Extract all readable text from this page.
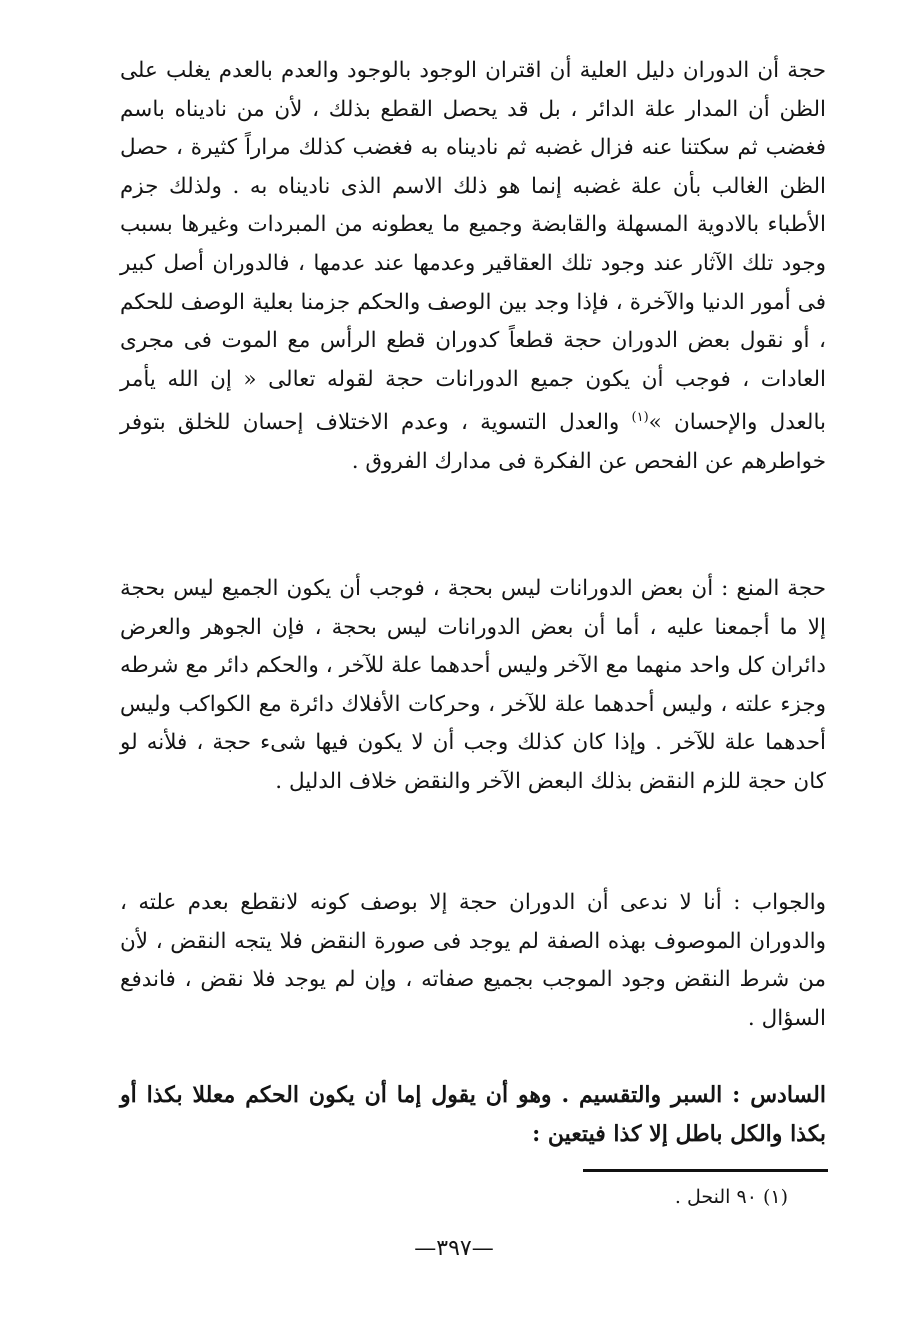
حجة أن الدوران دليل العلية أن اقتران الوجود بالوجود والعدم بالعدم يغلب على الظن أن المدار علة الدائر ، بل قد يحصل القطع بذلك ، لأن من ناديناه باسم فغضب ثم سكتنا عنه فزال غضبه ثم ناديناه به فغضب كذلك مراراً كثيرة ، حصل الظن الغالب بأن علة غضبه إنما هو ذلك الاسم الذى ناديناه به . ولذلك جزم الأطباء بالادوية المسهلة والقابضة وجميع ما يعطونه من المبردات وغيرها بسبب وجود تلك الآثار عند وجود تلك العقاقير وعدمها عند عدمها ، فالدوران أصل كبير فى أمور الدنيا والآخرة ، فإذا وجد بين الوصف والحكم جزمنا بعلية الوصف للحكم ، أو نقول بعض الدوران حجة قطعاً كدوران قطع الرأس مع الموت فى مجرى العادات ، فوجب أن يكون جميع الدورانات حجة لقوله تعالى « إن الله يأمر بالعدل والإحسان »$^{(١)}$ والعدل التسوية ، وعدم الاختلاف إحسان للخلق بتوفر خواطرهم عن الفحص عن الفكرة فى مدارك الفروق .
حجة المنع : أن بعض الدورانات ليس بحجة ، فوجب أن يكون الجميع ليس بحجة إلا ما أجمعنا عليه ، أما أن بعض الدورانات ليس بحجة ، فإن الجوهر والعرض دائران كل واحد منهما مع الآخر وليس أحدهما علة للآخر ، والحكم دائر مع شرطه وجزء علته ، وليس أحدهما علة للآخر ، وحركات الأفلاك دائرة مع الكواكب وليس أحدهما علة للآخر . وإذا كان كذلك وجب أن لا يكون فيها شىء حجة ، فلأنه لو كان حجة للزم النقض بذلك البعض الآخر والنقض خلاف الدليل .
والجواب : أنا لا ندعى أن الدوران حجة إلا بوصف كونه لانقطع بعدم علته ، والدوران الموصوف بهذه الصفة لم يوجد فى صورة النقض فلا يتجه النقض ، لأن من شرط النقض وجود الموجب بجميع صفاته ، وإن لم يوجد فلا نقض ، فاندفع السؤال .
السادس : السبر والتقسيم . وهو أن يقول إما أن يكون الحكم معللا بكذا أو بكذا والكل باطل إلا كذا فيتعين :
(١) ٩٠ النحل .
—٣٩٧—
